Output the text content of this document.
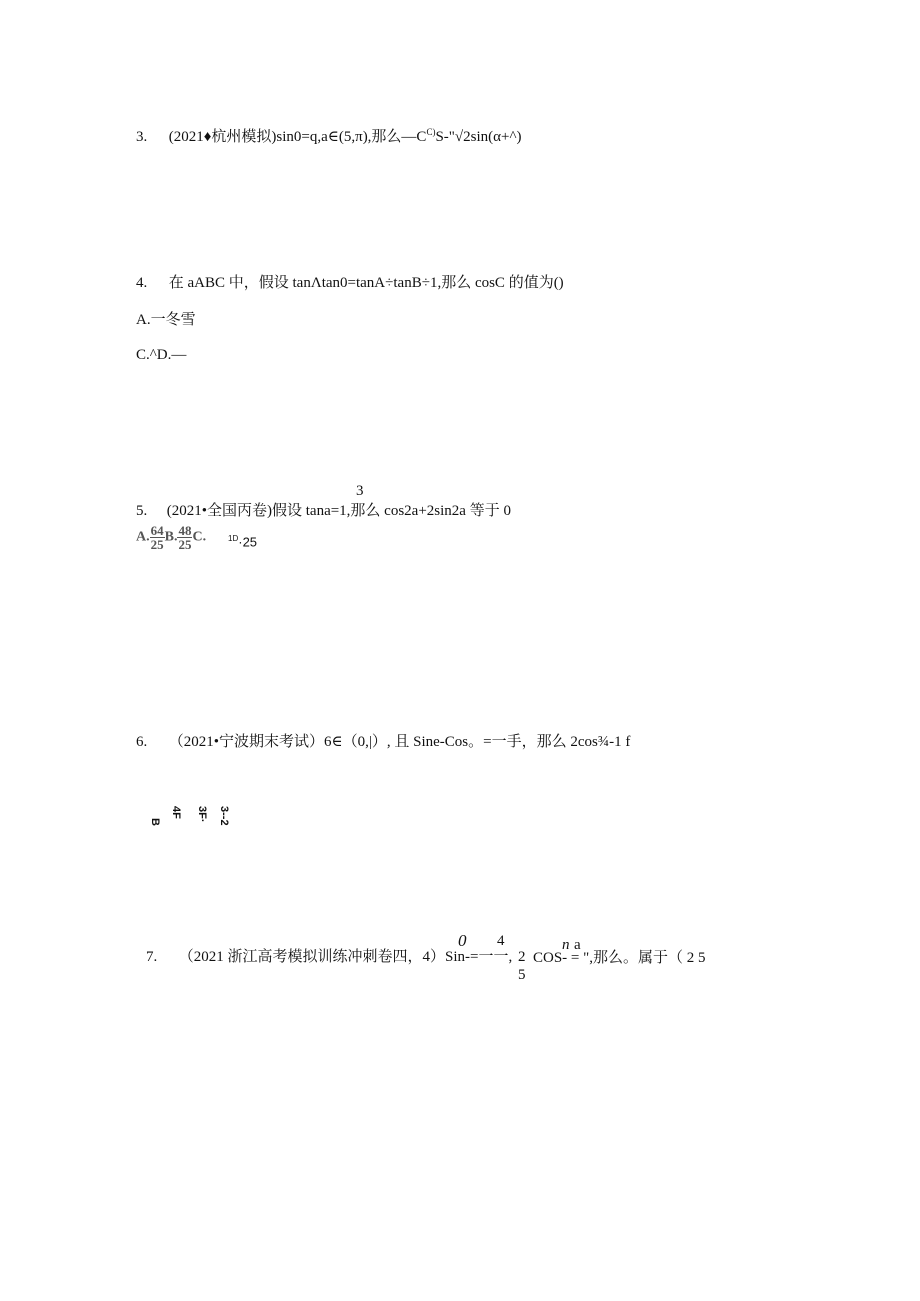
3. (2021♦杭州模拟)sin0=q,a∈(5,π),那么$—C^{C)}S-"√2\sin(\alpha+\^{})$
4. 在 aABC 中，假设 tanΛtan0=tanA÷tanB÷1,那么 cosC 的值为()
A.一冬雪
C.^D.—
3
5. (2021•全国丙卷)假设 tana=1,那么 cos2a+2sin2a 等于 0
A. $\frac{64}{25} B$. $\frac{48}{25} C$.	$^{1D}$·25
6. （2021•宁波期末考试）6∈（0,|）, 且 Sine-Cos。=一手，那么 2cos¾-1 f
B
4F 3F· 3--2
0 4	n a
7. （2021 浙江高考模拟训练冲刺卷四，4）Sin-=一一, 2
5
COS- = ",那么。属于（ 2 5
